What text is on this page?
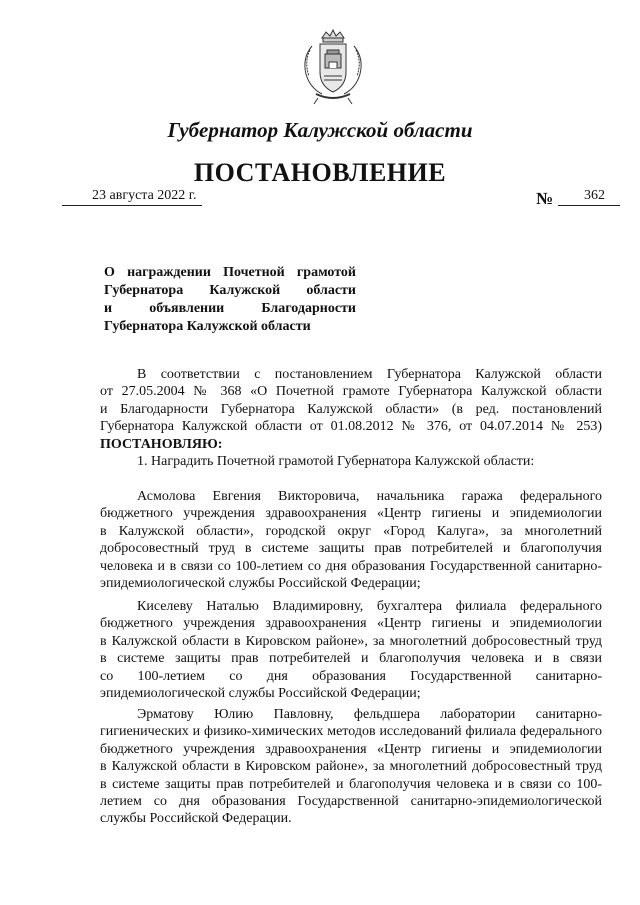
Губернатор Калужской области
ПОСТАНОВЛЕНИЕ
23 августа 2022 г.	№ 362
О награждении Почетной грамотой
Губернатора Калужской области
и объявлении Благодарности
Губернатора Калужской области

В соответствии с постановлением Губернатора Калужской области

от 27.05.2004 № 368 «О Почетной грамоте Губернатора Калужской области

и Благодарности Губернатора Калужской области» (в ред. постановлений

Губернатора Калужской области от 01.08.2012 № 376, от 04.07.2014 № 253)

ПОСТАНОВЛЯЮ:

1. Наградить Почетной грамотой Губернатора Калужской области:

Асмолова Евгения Викторовича, начальника гаража федерального

бюджетного учреждения здравоохранения «Центр гигиены и эпидемиологии

в Калужской области», городской округ «Город Калуга», за многолетний

добросовестный труд в системе защиты прав потребителей и благополучия

человека и в связи со 100-летием со дня образования Государственной санитарно-

эпидемиологической службы Российской Федерации;

Киселеву Наталью Владимировну, бухгалтера филиала федерального

бюджетного учреждения здравоохранения «Центр гигиены и эпидемиологии

в Калужской области в Кировском районе», за многолетний добросовестный труд

в системе защиты прав потребителей и благополучия человека и в связи

со 100-летием со дня образования Государственной санитарно-

эпидемиологической службы Российской Федерации;

Эрматову Юлию Павловну, фельдшера лаборатории санитарно-

гигиенических и физико-химических методов исследований филиала федерального

бюджетного учреждения здравоохранения «Центр гигиены и эпидемиологии

в Калужской области в Кировском районе», за многолетний добросовестный труд

в системе защиты прав потребителей и благополучия человека и в связи со 100-

летием со дня образования Государственной санитарно-эпидемиологической

службы Российской Федерации.
